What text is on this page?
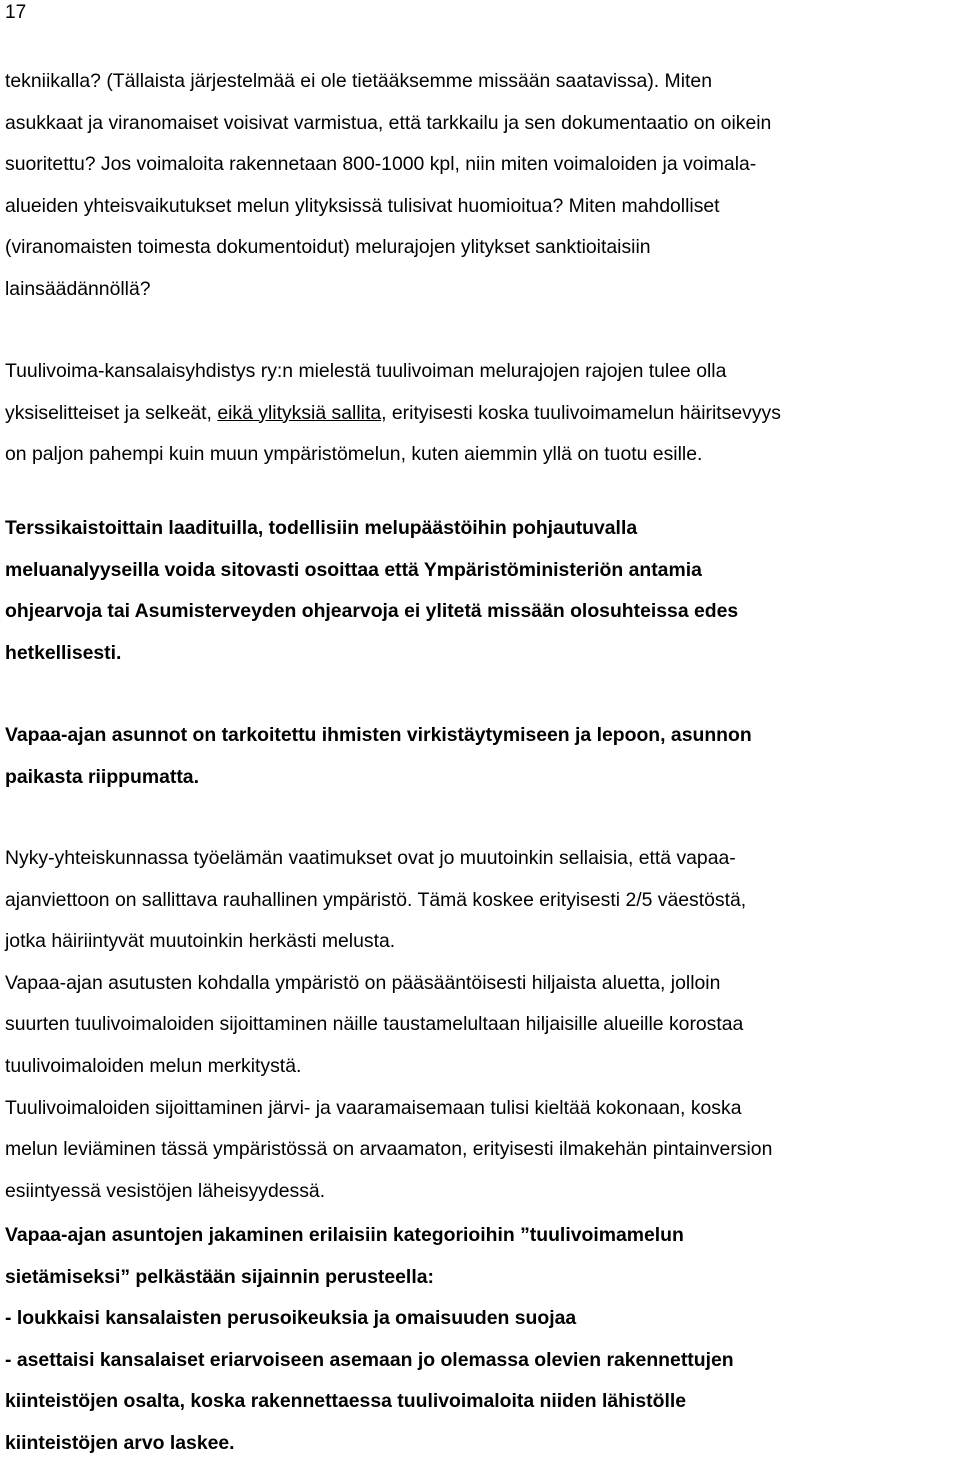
17

tekniikalla? (Tällaista järjestelmää ei ole tietääksemme missään saatavissa). Miten
asukkaat ja viranomaiset voisivat varmistua, että tarkkailu ja sen dokumentaatio on oikein
suoritettu? Jos voimaloita rakennetaan 800-1000 kpl, niin miten voimaloiden ja voimala-
alueiden yhteisvaikutukset melun ylityksissä tulisivat huomioitua? Miten mahdolliset
(viranomaisten toimesta dokumentoidut) melurajojen ylitykset sanktioitaisiin
lainsäädännöllä?

Tuulivoima-kansalaisyhdistys ry:n mielestä tuulivoiman melurajojen rajojen tulee olla
yksiselitteiset ja selkeät, eikä ylityksiä sallita, erityisesti koska tuulivoimamelun häiritsevyys
on paljon pahempi kuin muun ympäristömelun, kuten aiemmin yllä on tuotu esille.

Terssikaistoittain laadituilla, todellisiin melupäästöihin pohjautuvalla
meluanalyyseilla voida sitovasti osoittaa että Ympäristöministeriön antamia
ohjearvoja tai Asumisterveyden ohjearvoja ei ylitetä missään olosuhteissa edes
hetkellisesti.

Vapaa-ajan asunnot on tarkoitettu ihmisten virkistäytymiseen ja lepoon, asunnon
paikasta riippumatta.

Nyky-yhteiskunnassa työelämän vaatimukset ovat jo muutoinkin sellaisia, että vapaa-
ajanviettoon on sallittava rauhallinen ympäristö. Tämä koskee erityisesti 2/5 väestöstä,
jotka häiriintyvät muutoinkin herkästi melusta.
Vapaa-ajan asutusten kohdalla ympäristö on pääsääntöisesti hiljaista aluetta, jolloin
suurten tuulivoimaloiden sijoittaminen näille taustamelultaan hiljaisille alueille korostaa
tuulivoimaloiden melun merkitystä.
Tuulivoimaloiden sijoittaminen järvi- ja vaaramaisemaan tulisi kieltää kokonaan, koska
melun leviäminen tässä ympäristössä on arvaamaton, erityisesti ilmakehän pintainversion
esiintyessä vesistöjen läheisyydessä.

Vapaa-ajan asuntojen jakaminen erilaisiin kategorioihin ”tuulivoimamelun
sietämiseksi” pelkästään sijainnin perusteella:
- loukkaisi kansalaisten perusoikeuksia ja omaisuuden suojaa
- asettaisi kansalaiset eriarvoiseen asemaan jo olemassa olevien rakennettujen
kiinteistöjen osalta, koska rakennettaessa tuulivoimaloita niiden lähistölle
kiinteistöjen arvo laskee.
